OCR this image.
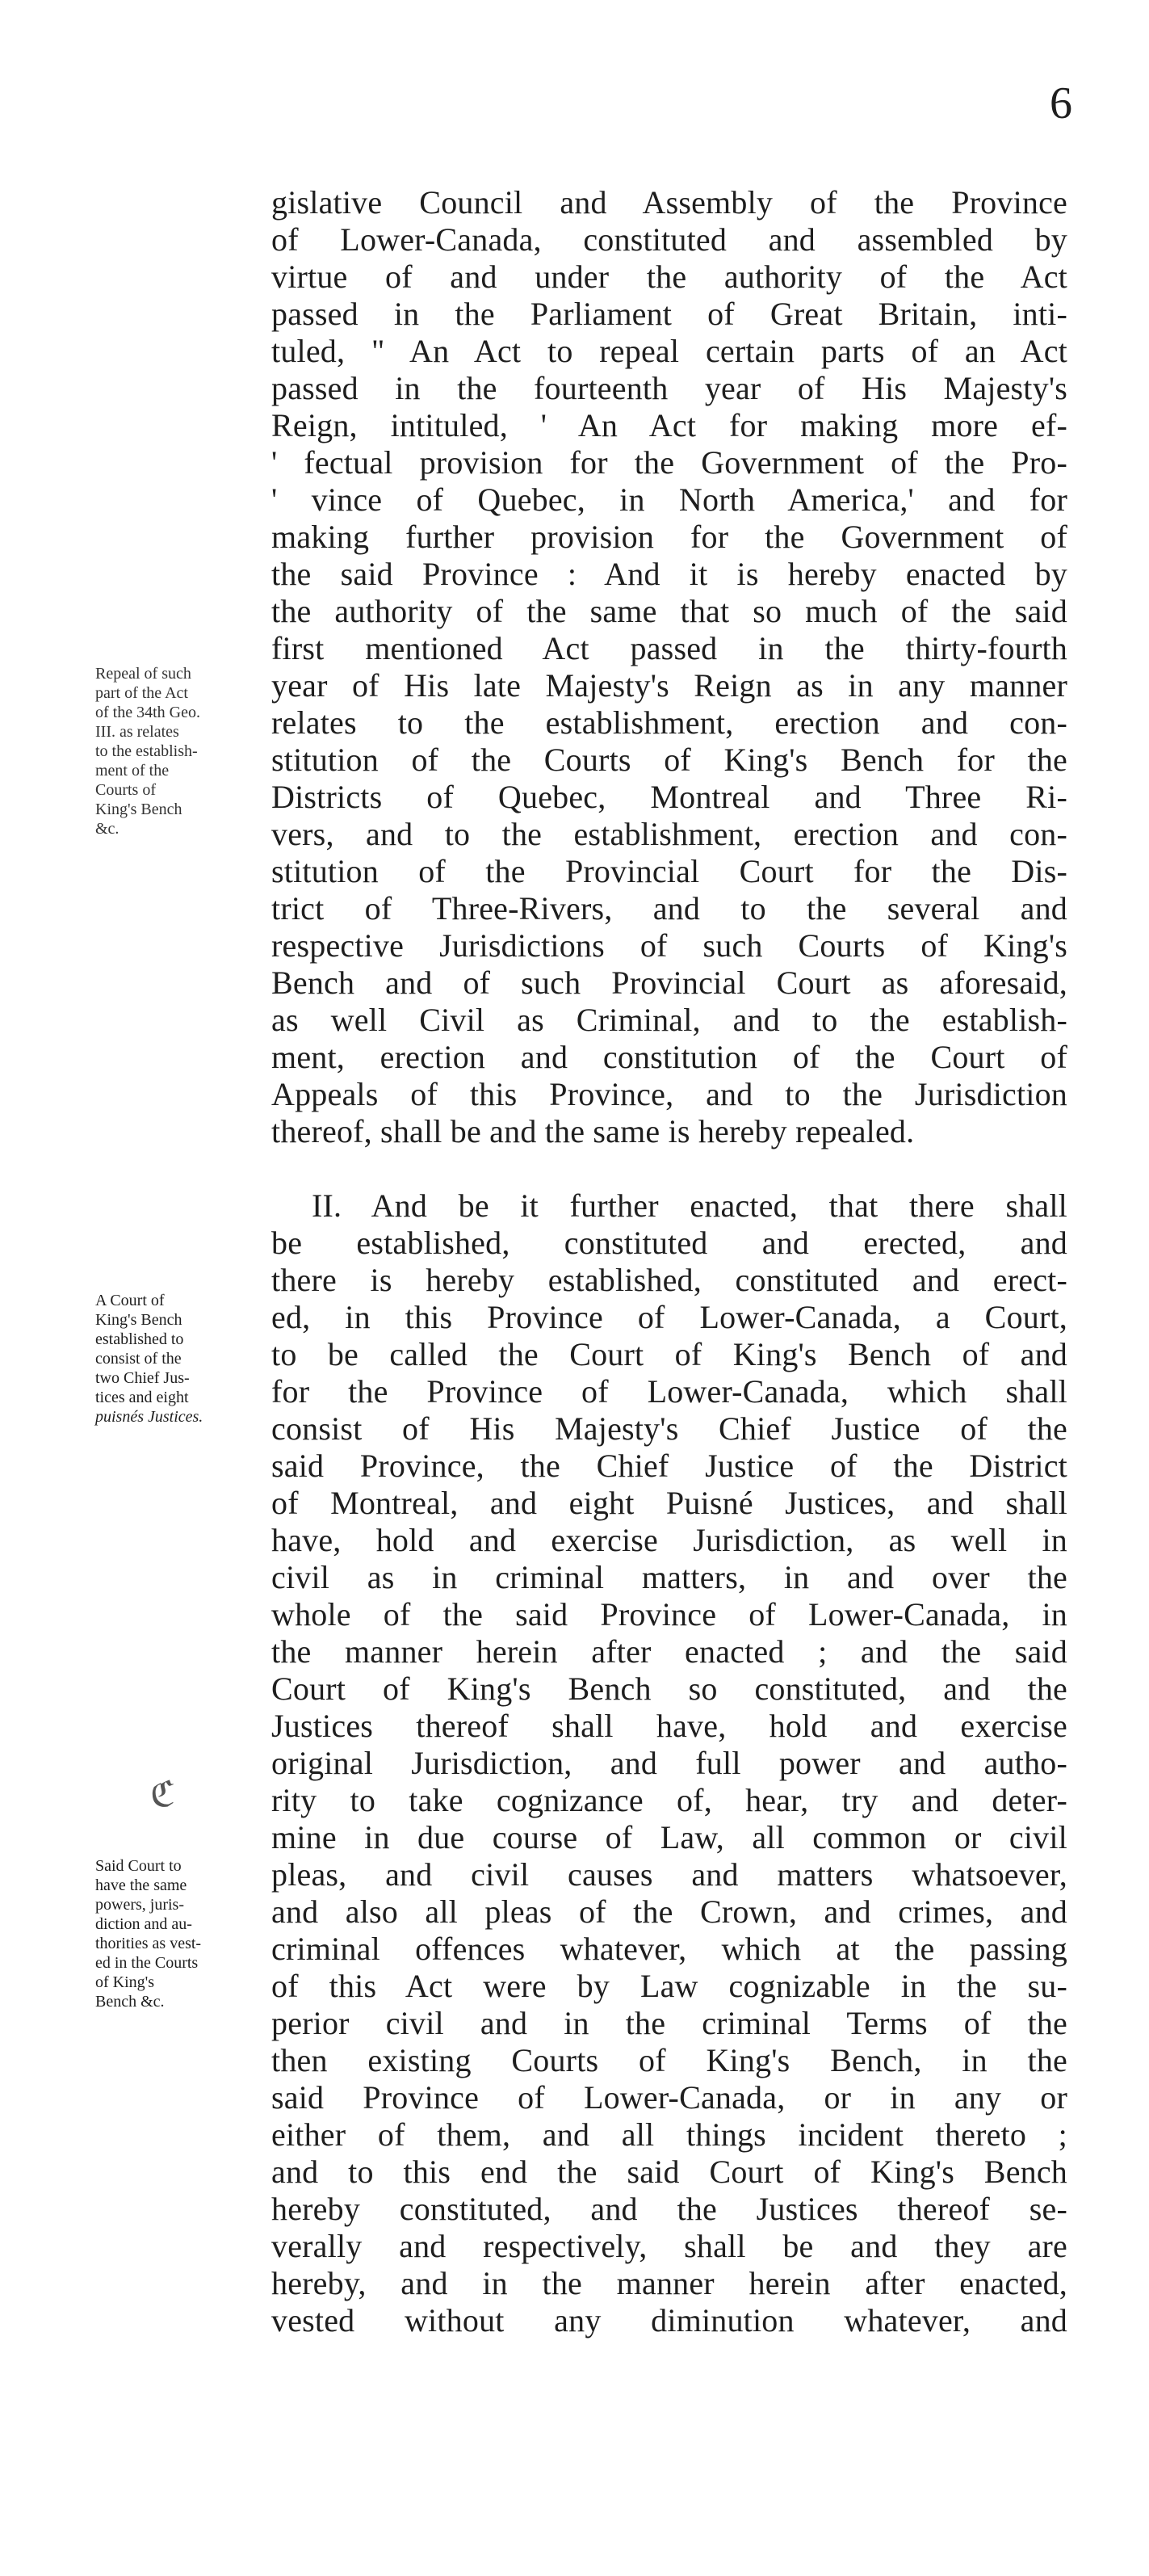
6
Repeal of such
part of the Act
of the 34th Geo.
III. as relates
to the establish-
ment of the
Courts of
King's Bench
&c.
A Court of
King's Bench
established to
consist of the
two Chief Jus-
tices and eight
puisnés Justices.
ℭ
Said Court to
have the same
powers, juris-
diction and au-
thorities as vest-
ed in the Courts
of King's
Bench &c.
gislative Council and Assembly of the Province
of Lower-Canada, constituted and assembled by
virtue of and under the authority of the Act
passed in the Parliament of Great Britain, inti-
tuled, " An Act to repeal certain parts of an Act
passed in the fourteenth year of His Majesty's
Reign, intituled, ' An Act for making more ef-
' fectual provision for the Government of the Pro-
' vince of Quebec, in North America,' and for
making further provision for the Government of
the said Province : And it is hereby enacted by
the authority of the same that so much of the said
first mentioned Act passed in the thirty-fourth
year of His late Majesty's Reign as in any manner
relates to the establishment, erection and con-
stitution of the Courts of King's Bench for the
Districts of Quebec, Montreal and Three Ri-
vers, and to the establishment, erection and con-
stitution of the Provincial Court for the Dis-
trict of Three-Rivers, and to the several and
respective Jurisdictions of such Courts of King's
Bench and of such Provincial Court as aforesaid,
as well Civil as Criminal, and to the establish-
ment, erection and constitution of the Court of
Appeals of this Province, and to the Jurisdiction
thereof, shall be and the same is hereby repealed.
II. And be it further enacted, that there shall
be established, constituted and erected, and
there is hereby established, constituted and erect-
ed, in this Province of Lower-Canada, a Court,
to be called the Court of King's Bench of and
for the Province of Lower-Canada, which shall
consist of His Majesty's Chief Justice of the
said Province, the Chief Justice of the District
of Montreal, and eight Puisné Justices, and shall
have, hold and exercise Jurisdiction, as well in
civil as in criminal matters, in and over the
whole of the said Province of Lower-Canada, in
the manner herein after enacted ; and the said
Court of King's Bench so constituted, and the
Justices thereof shall have, hold and exercise
original Jurisdiction, and full power and autho-
rity to take cognizance of, hear, try and deter-
mine in due course of Law, all common or civil
pleas, and civil causes and matters whatsoever,
and also all pleas of the Crown, and crimes, and
criminal offences whatever, which at the passing
of this Act were by Law cognizable in the su-
perior civil and in the criminal Terms of the
then existing Courts of King's Bench, in the
said Province of Lower-Canada, or in any or
either of them, and all things incident thereto ;
and to this end the said Court of King's Bench
hereby constituted, and the Justices thereof se-
verally and respectively, shall be and they are
hereby, and in the manner herein after enacted,
vested without any diminution whatever, and
